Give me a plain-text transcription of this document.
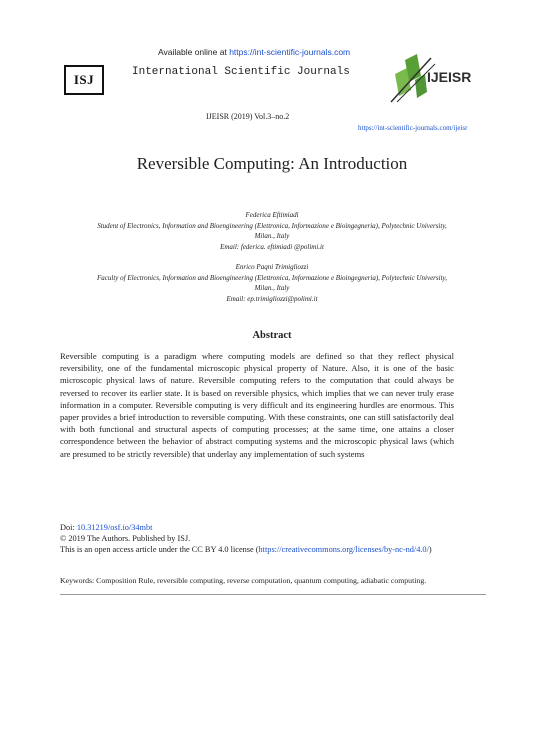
Available online at https://int-scientific-journals.com
ISJ	International Scientific Journals
IJEISR (2019) Vol.3–no.2
https://int-scientific-journals.com/ijeisr
IJEISR
Reversible Computing: An Introduction

Federica Eftimiadi

Student of Electronics, Information and Bioengineering (Elettronica, Informazione e Bioingegneria), Polytechnic University,

Milan., Italy

Email: federica. eftimiadi @polimi.it

Enrico Paqni Trimigliozzi

Faculty of Electronics, Information and Bioengineering (Elettronica, Informazione e Bioingegneria), Polytechnic University,

Milan., Italy

Email: ep.trimigliozzi@polimi.it

Abstract
Reversible computing is a paradigm where computing models are defined so that they reflect physical reversibility, one of the fundamental microscopic physical property of Nature. Also, it is one of the basic microscopic physical laws of nature. Reversible computing refers to the computation that could always be reversed to recover its earlier state. It is based on reversible physics, which implies that we can never truly erase information in a computer. Reversible computing is very difficult and its engineering hurdles are enormous. This paper provides a brief introduction to reversible computing. With these constraints, one can still satisfactorily deal with both functional and structural aspects of computing processes; at the same time, one attains a closer correspondence between the behavior of abstract computing systems and the microscopic physical laws (which are presumed to be strictly reversible) that underlay any implementation of such systems

Doi: 10.31219/osf.io/34mbt

© 2019 The Authors. Published by ISJ.

This is an open access article under the CC BY 4.0 license (https://creativecommons.org/licenses/by-nc-nd/4.0/)

Keywords: Composition Rule, reversible computing, reverse computation, quantum computing, adiabatic computing.
